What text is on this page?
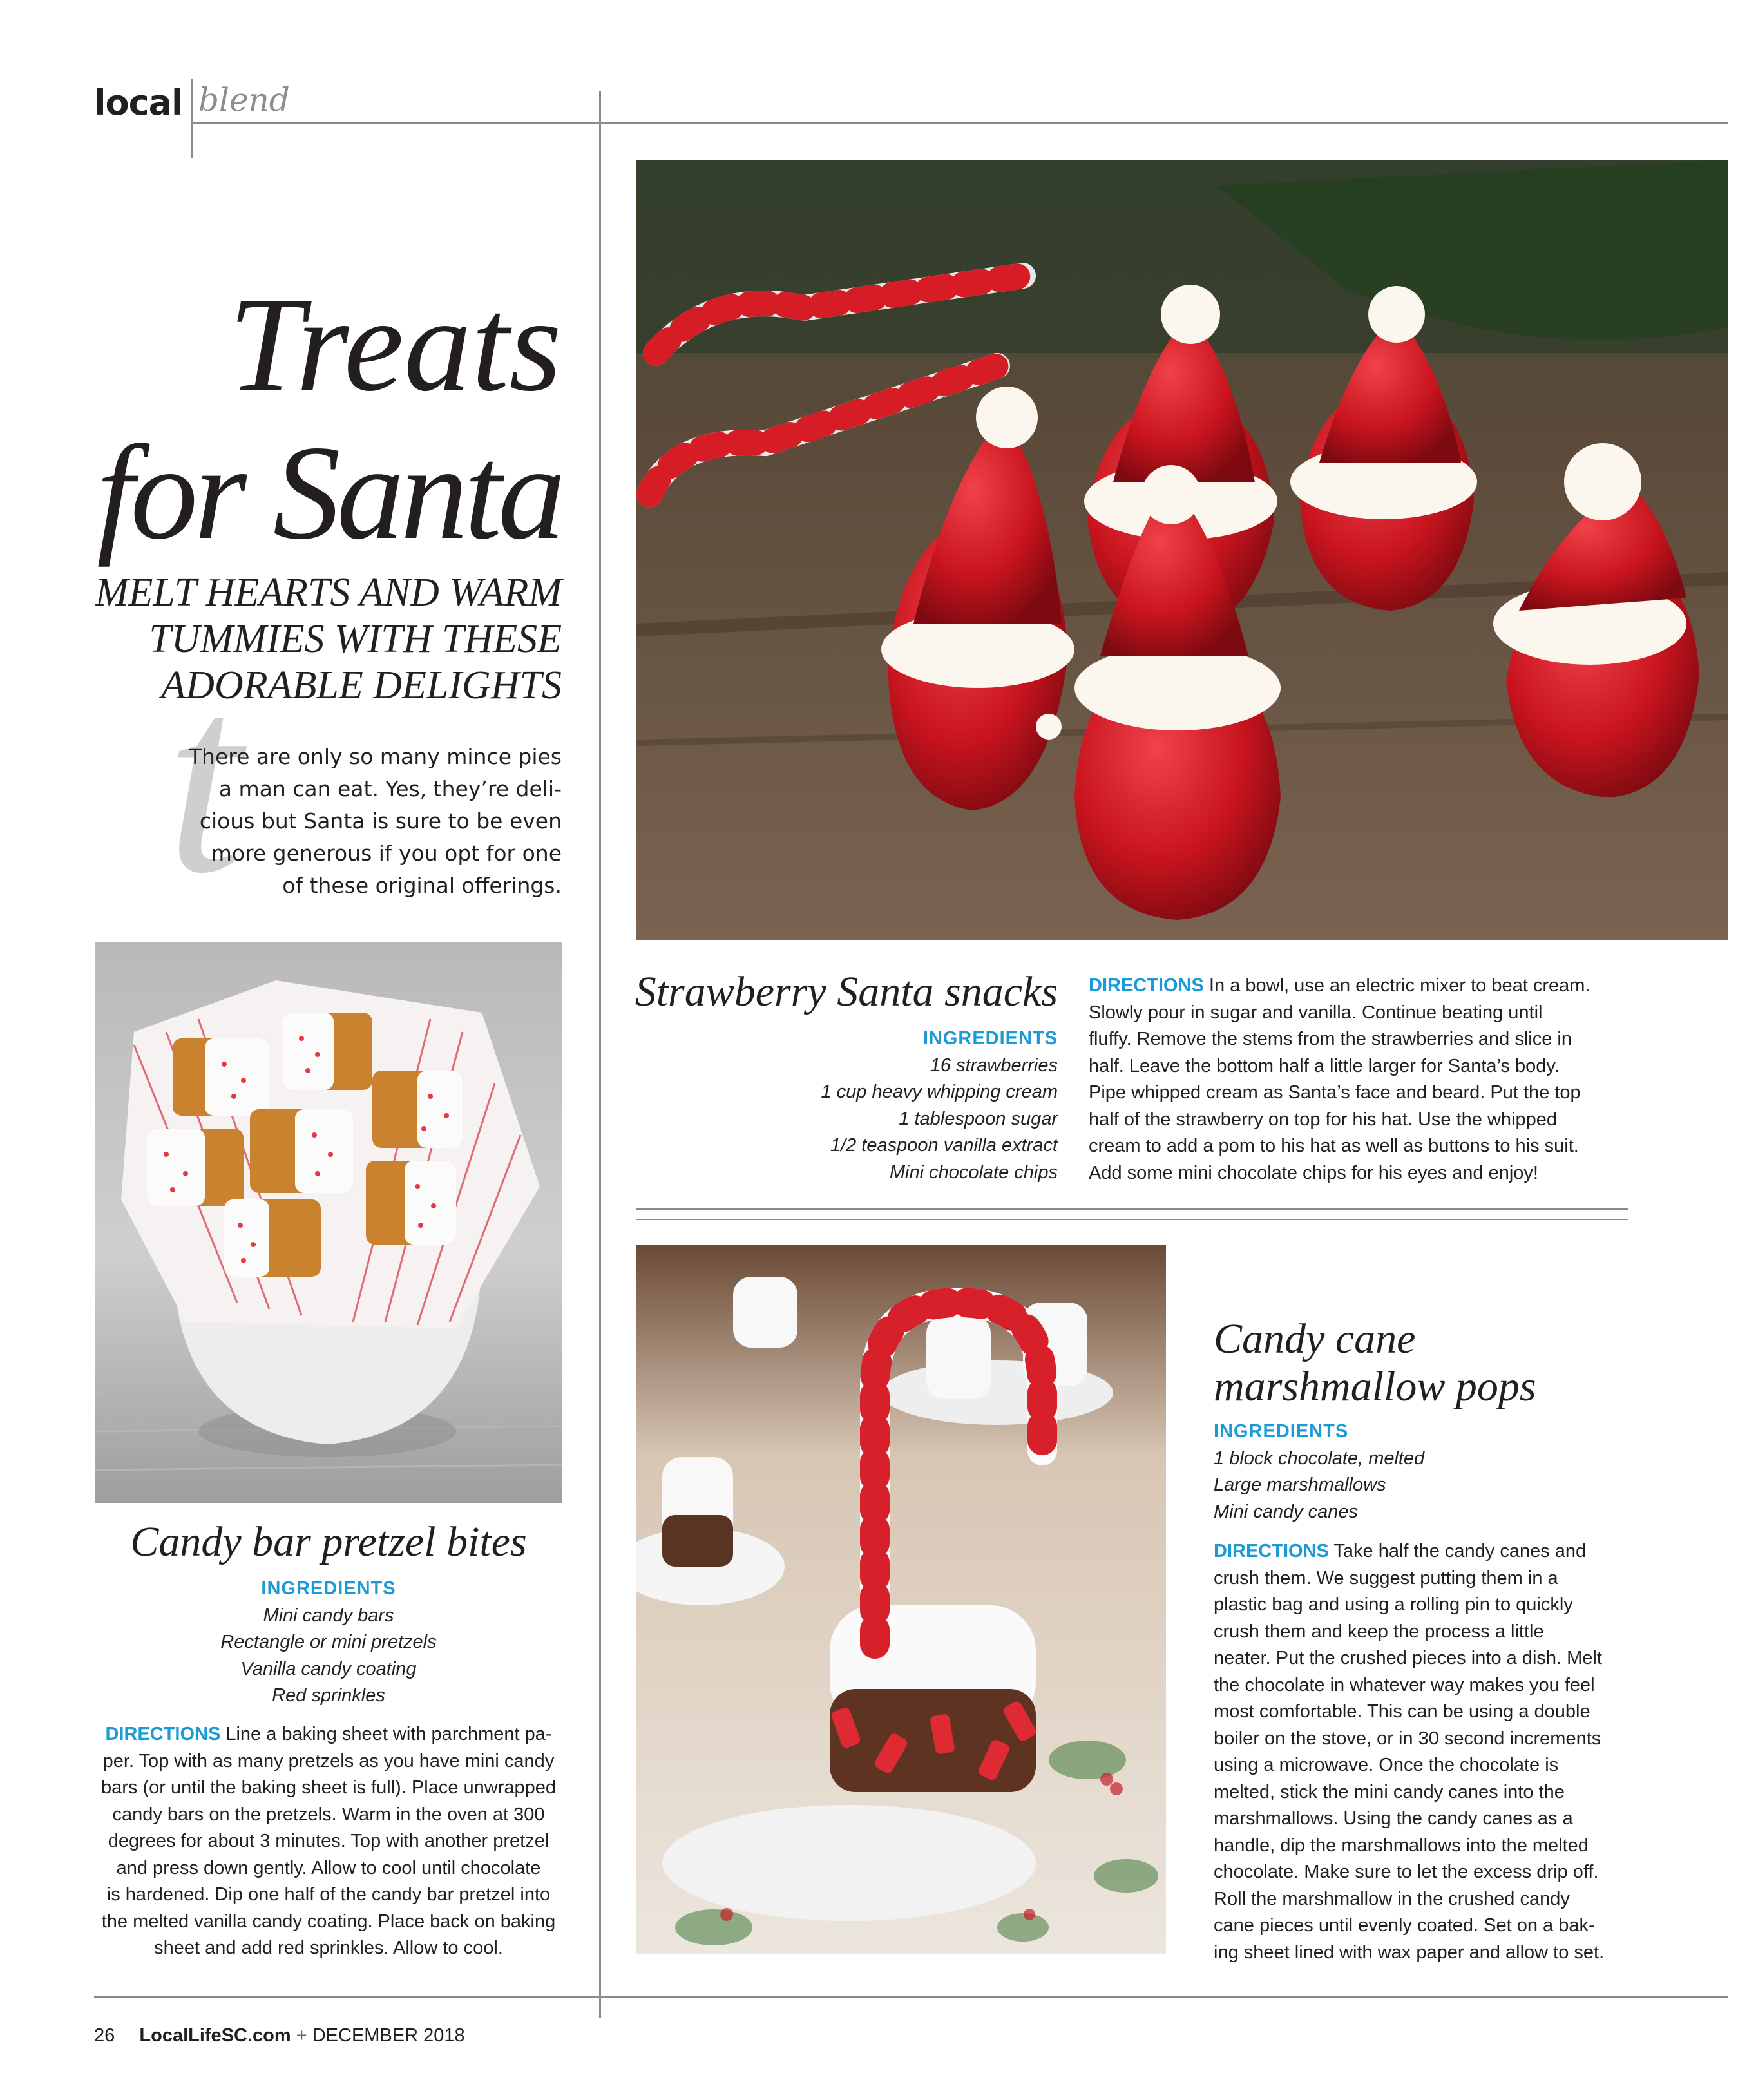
local blend
Treats
for Santa
MELT HEARTS AND WARM
TUMMIES WITH THESE
ADORABLE DELIGHTS
t
There are only so many mince pies
a man can eat. Yes, they’re deli-
cious but Santa is sure to be even
more generous if you opt for one
of these original offerings.
Strawberry Santa snacks
INGREDIENTS
16 strawberries
1 cup heavy whipping cream
1 tablespoon sugar
1/2 teaspoon vanilla extract
Mini chocolate chips
DIRECTIONS In a bowl, use an electric mixer to beat cream.
Slowly pour in sugar and vanilla. Continue beating until
fluffy. Remove the stems from the strawberries and slice in
half. Leave the bottom half a little larger for Santa’s body.
Pipe whipped cream as Santa’s face and beard. Put the top
half of the strawberry on top for his hat. Use the whipped
cream to add a pom to his hat as well as buttons to his suit.
Add some mini chocolate chips for his eyes and enjoy!
Candy bar pretzel bites
INGREDIENTS
Mini candy bars
Rectangle or mini pretzels
Vanilla candy coating
Red sprinkles
DIRECTIONS Line a baking sheet with parchment pa-
per. Top with as many pretzels as you have mini candy
bars (or until the baking sheet is full). Place unwrapped
candy bars on the pretzels. Warm in the oven at 300
degrees for about 3 minutes. Top with another pretzel
and press down gently. Allow to cool until chocolate
is hardened. Dip one half of the candy bar pretzel into
the melted vanilla candy coating. Place back on baking
sheet and add red sprinkles. Allow to cool.
Candy cane
marshmallow pops
INGREDIENTS
1 block chocolate, melted
Large marshmallows
Mini candy canes
DIRECTIONS Take half the candy canes and
crush them. We suggest putting them in a
plastic bag and using a rolling pin to quickly
crush them and keep the process a little
neater. Put the crushed pieces into a dish. Melt
the chocolate in whatever way makes you feel
most comfortable. This can be using a double
boiler on the stove, or in 30 second increments
using a microwave. Once the chocolate is
melted, stick the mini candy canes into the
marshmallows. Using the candy canes as a
handle, dip the marshmallows into the melted
chocolate. Make sure to let the excess drip off.
Roll the marshmallow in the crushed candy
cane pieces until evenly coated. Set on a bak-
ing sheet lined with wax paper and allow to set.
26 LocalLifeSC.com + DECEMBER 2018
